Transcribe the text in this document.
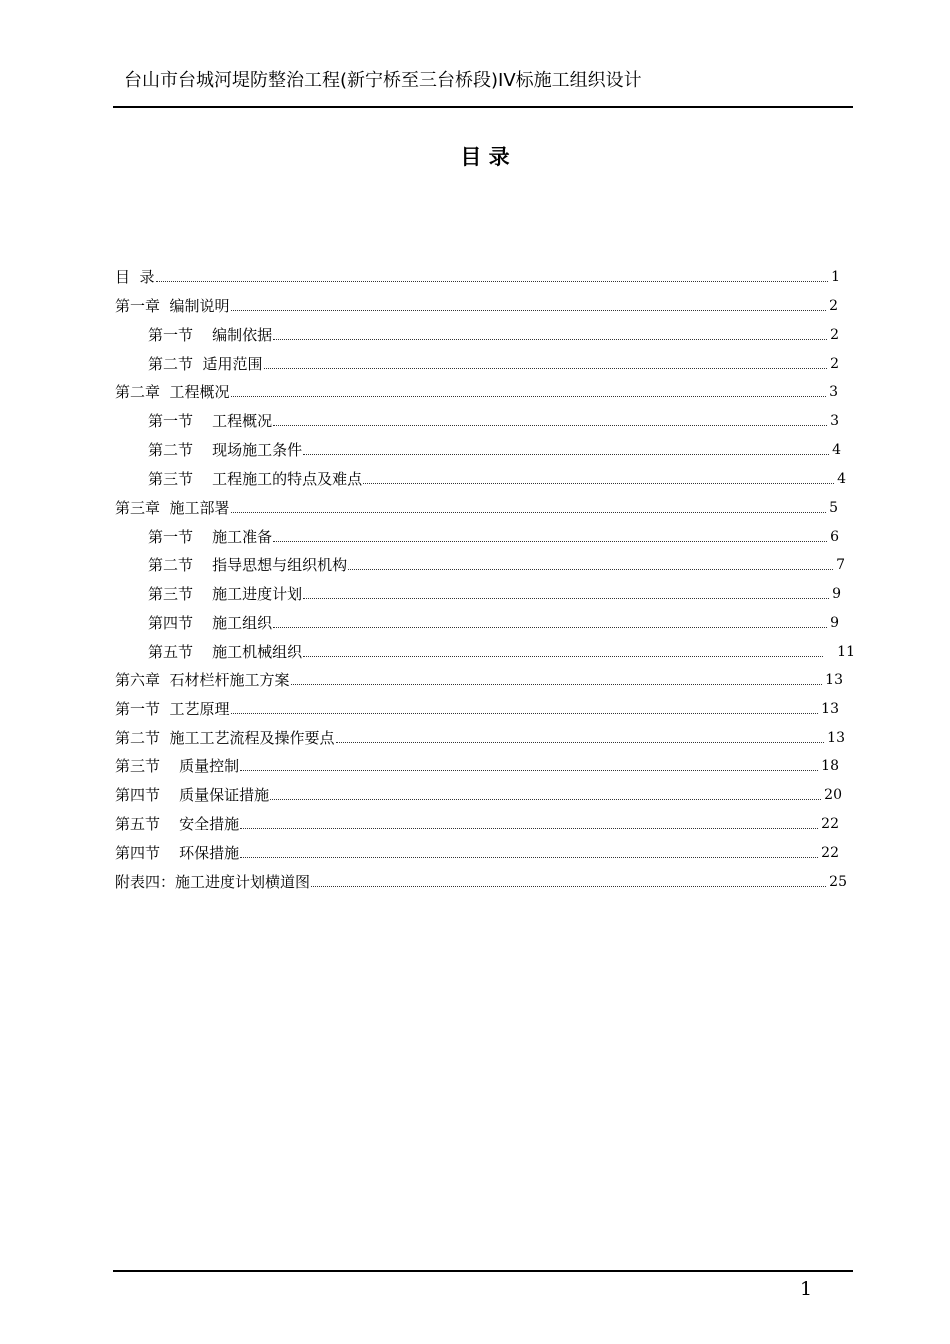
台山市台城河堤防整治工程(新宁桥至三台桥段)IV标施工组织设计
目 录
目  录	1
第一章  编制说明	2
第一节    编制依据	2
第二节  适用范围	2
第二章  工程概况	3
第一节    工程概况	3
第二节    现场施工条件	4
第三节    工程施工的特点及难点	4
第三章  施工部署	5
第一节    施工准备	6
第二节    指导思想与组织机构	7
第三节    施工进度计划	9
第四节    施工组织	9
第五节    施工机械组织	11
第六章  石材栏杆施工方案	13
第一节  工艺原理	13
第二节  施工工艺流程及操作要点	13
第三节    质量控制	18
第四节    质量保证措施	20
第五节    安全措施	22
第四节    环保措施	22
附表四：施工进度计划横道图	25
1
